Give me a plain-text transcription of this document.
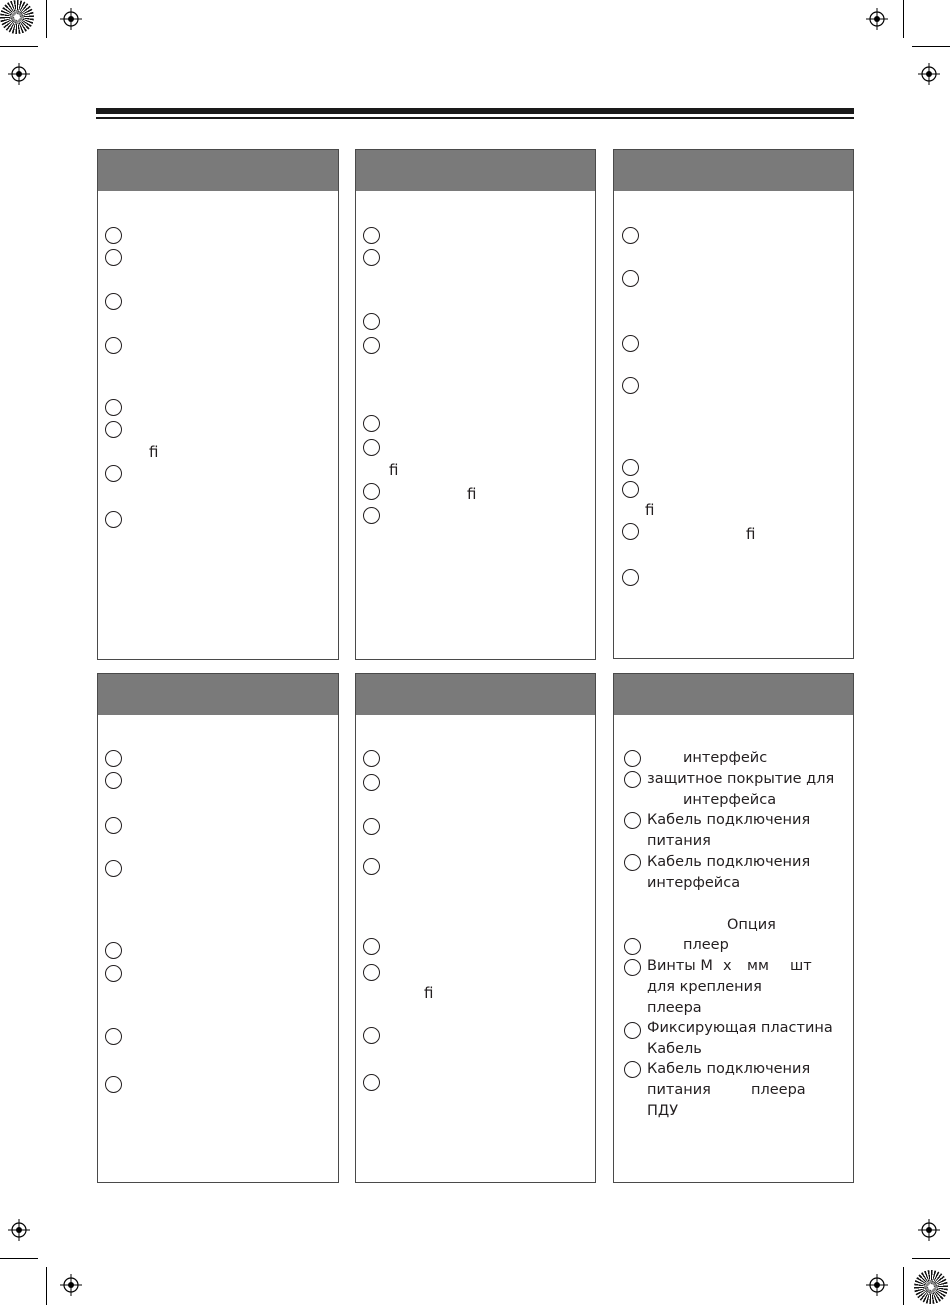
ﬁ
ﬁ
ﬁ
ﬁ
ﬁ
ﬁ
интерфейс
защитное покрытие для
интерфейса
Кабель подключения
питания
Кабель подключения
интерфейса
Опция
плеер
Винты М х мм шт
для крепления
плеера
Фиксирующая пластина
Кабель
Кабель подключения
питания	плеера
ПДУ
